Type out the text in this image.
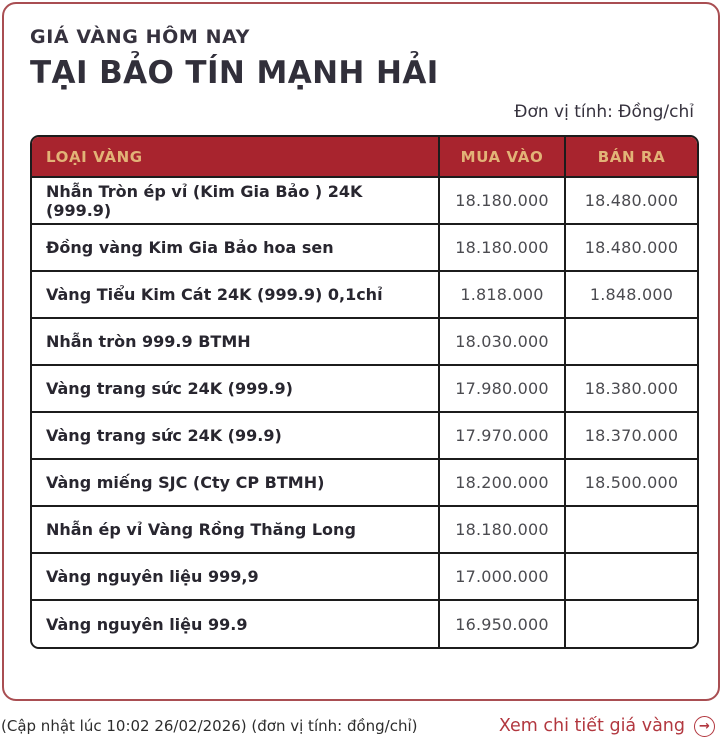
GIÁ VÀNG HÔM NAY
TẠI BẢO TÍN MẠNH HẢI
Đơn vị tính: Đồng/chỉ
LOẠI VÀNG	MUA VÀO	BÁN RA
Nhẫn Tròn ép vỉ (Kim Gia Bảo ) 24K (999.9)	18.180.000	18.480.000
Đồng vàng Kim Gia Bảo hoa sen	18.180.000	18.480.000
Vàng Tiểu Kim Cát 24K (999.9) 0,1chỉ	1.818.000	1.848.000
Nhẫn tròn 999.9 BTMH	18.030.000	
Vàng trang sức 24K (999.9)	17.980.000	18.380.000
Vàng trang sức 24K (99.9)	17.970.000	18.370.000
Vàng miếng SJC (Cty CP BTMH)	18.200.000	18.500.000
Nhẫn ép vỉ Vàng Rồng Thăng Long	18.180.000	
Vàng nguyên liệu 999,9	17.000.000	
Vàng nguyên liệu 99.9	16.950.000	
(Cập nhật lúc 10:02 26/02/2026) (đơn vị tính: đồng/chỉ)	Xem chi tiết giá vàng	→
